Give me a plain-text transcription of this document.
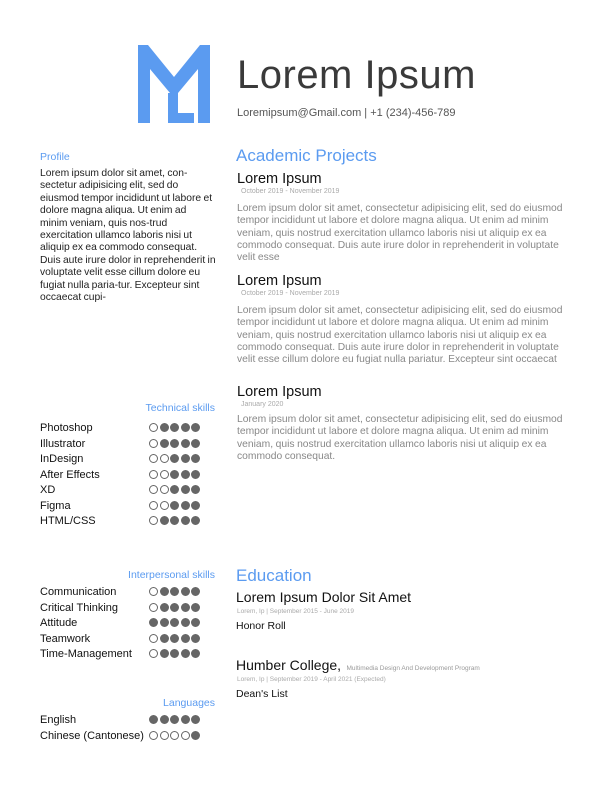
Lorem Ipsum
Loremipsum@Gmail.com | +1 (234)-456-789
Profile
Lorem ipsum dolor sit amet, con-sectetur adipisicing elit, sed do eiusmod tempor incididunt ut labore et dolore magna aliqua. Ut enim ad minim veniam, quis nos-trud exercitation ullamco laboris nisi ut aliquip ex ea commodo consequat. Duis aute irure dolor in reprehenderit in voluptate velit esse cillum dolore eu fugiat nulla paria-tur. Excepteur sint occaecat cupi-
Technical skills
Photoshop
Illustrator
InDesign
After Effects
XD
Figma
HTML/CSS
Interpersonal skills
Communication
Critical Thinking
Attitude
Teamwork
Time-Management
Languages
English
Chinese (Cantonese)
Academic Projects
Lorem Ipsum
October 2019 - November 2019
Lorem ipsum dolor sit amet, consectetur adipisicing elit, sed do eiusmod tempor incididunt ut labore et dolore magna aliqua. Ut enim ad minim veniam, quis nostrud exercitation ullamco laboris nisi ut aliquip ex ea commodo consequat. Duis aute irure dolor in reprehenderit in voluptate velit esse
Lorem Ipsum
October 2019 - November 2019
Lorem ipsum dolor sit amet, consectetur adipisicing elit, sed do eiusmod tempor incididunt ut labore et dolore magna aliqua. Ut enim ad minim veniam, quis nostrud exercitation ullamco laboris nisi ut aliquip ex ea commodo consequat. Duis aute irure dolor in reprehenderit in voluptate velit esse cillum dolore eu fugiat nulla pariatur. Excepteur sint occaecat
Lorem Ipsum
January 2020
Lorem ipsum dolor sit amet, consectetur adipisicing elit, sed do eiusmod tempor incididunt ut labore et dolore magna aliqua. Ut enim ad minim veniam, quis nostrud exercitation ullamco laboris nisi ut aliquip ex ea commodo consequat.
Education
Lorem Ipsum Dolor Sit Amet
Lorem, Ip | September 2015 - June 2019
Honor Roll
Humber College, Multimedia Design And Development Program
Lorem, Ip | September 2019 - April 2021 (Expected)
Dean's List
